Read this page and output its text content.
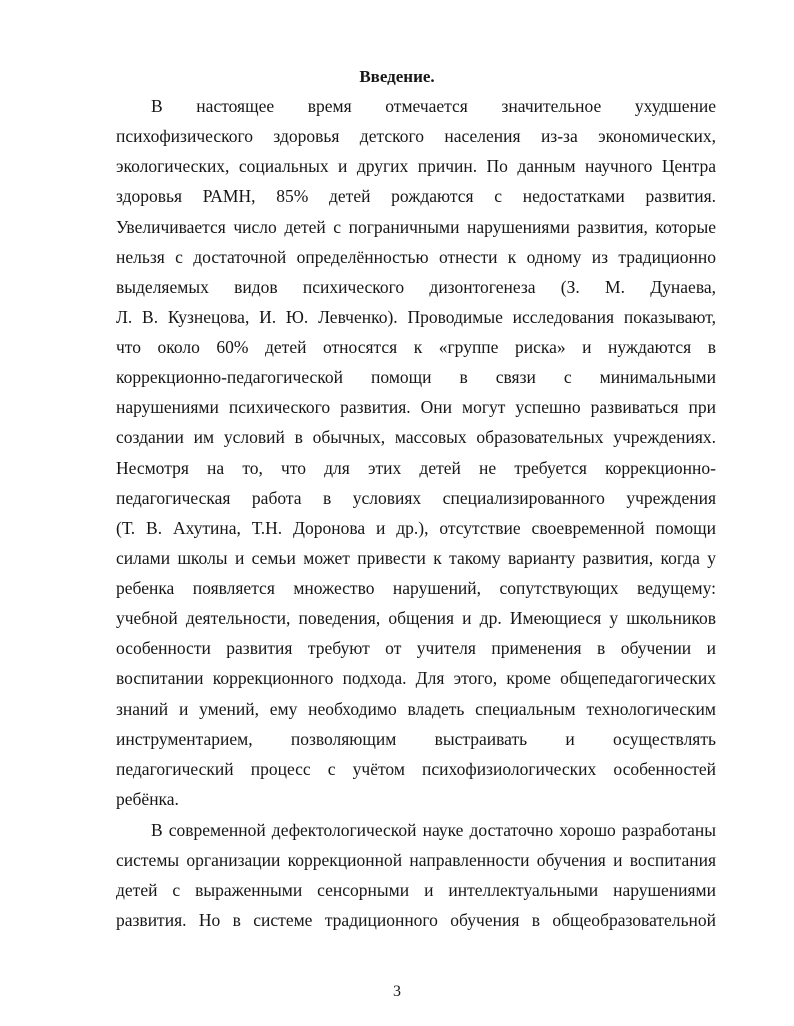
Введение.
В настоящее время отмечается значительное ухудшение
психофизического здоровья детского населения из-за экономических,
экологических, социальных и других причин. По данным научного Центра
здоровья РАМН, 85% детей рождаются с недостатками развития.
Увеличивается число детей с пограничными нарушениями развития, которые
нельзя с достаточной определённостью отнести к одному из традиционно
выделяемых видов психического дизонтогенеза (З. М. Дунаева,
Л. В. Кузнецова, И. Ю. Левченко). Проводимые исследования показывают,
что около 60% детей относятся к «группе риска» и нуждаются в
коррекционно-педагогической помощи в связи с минимальными
нарушениями психического развития. Они могут успешно развиваться при
создании им условий в обычных, массовых образовательных учреждениях.
Несмотря на то, что для этих детей не требуется коррекционно-
педагогическая работа в условиях специализированного учреждения
(Т. В. Ахутина, Т.Н. Доронова и др.), отсутствие своевременной помощи
силами школы и семьи может привести к такому варианту развития, когда у
ребенка появляется множество нарушений, сопутствующих ведущему:
учебной деятельности, поведения, общения и др. Имеющиеся у школьников
особенности развития требуют от учителя применения в обучении и
воспитании коррекционного подхода. Для этого, кроме общепедагогических
знаний и умений, ему необходимо владеть специальным технологическим
инструментарием, позволяющим выстраивать и осуществлять
педагогический процесс с учётом психофизиологических особенностей
ребёнка.
В современной дефектологической науке достаточно хорошо разработаны
системы организации коррекционной направленности обучения и воспитания
детей с выраженными сенсорными и интеллектуальными нарушениями
развития. Но в системе традиционного обучения в общеобразовательной
3
